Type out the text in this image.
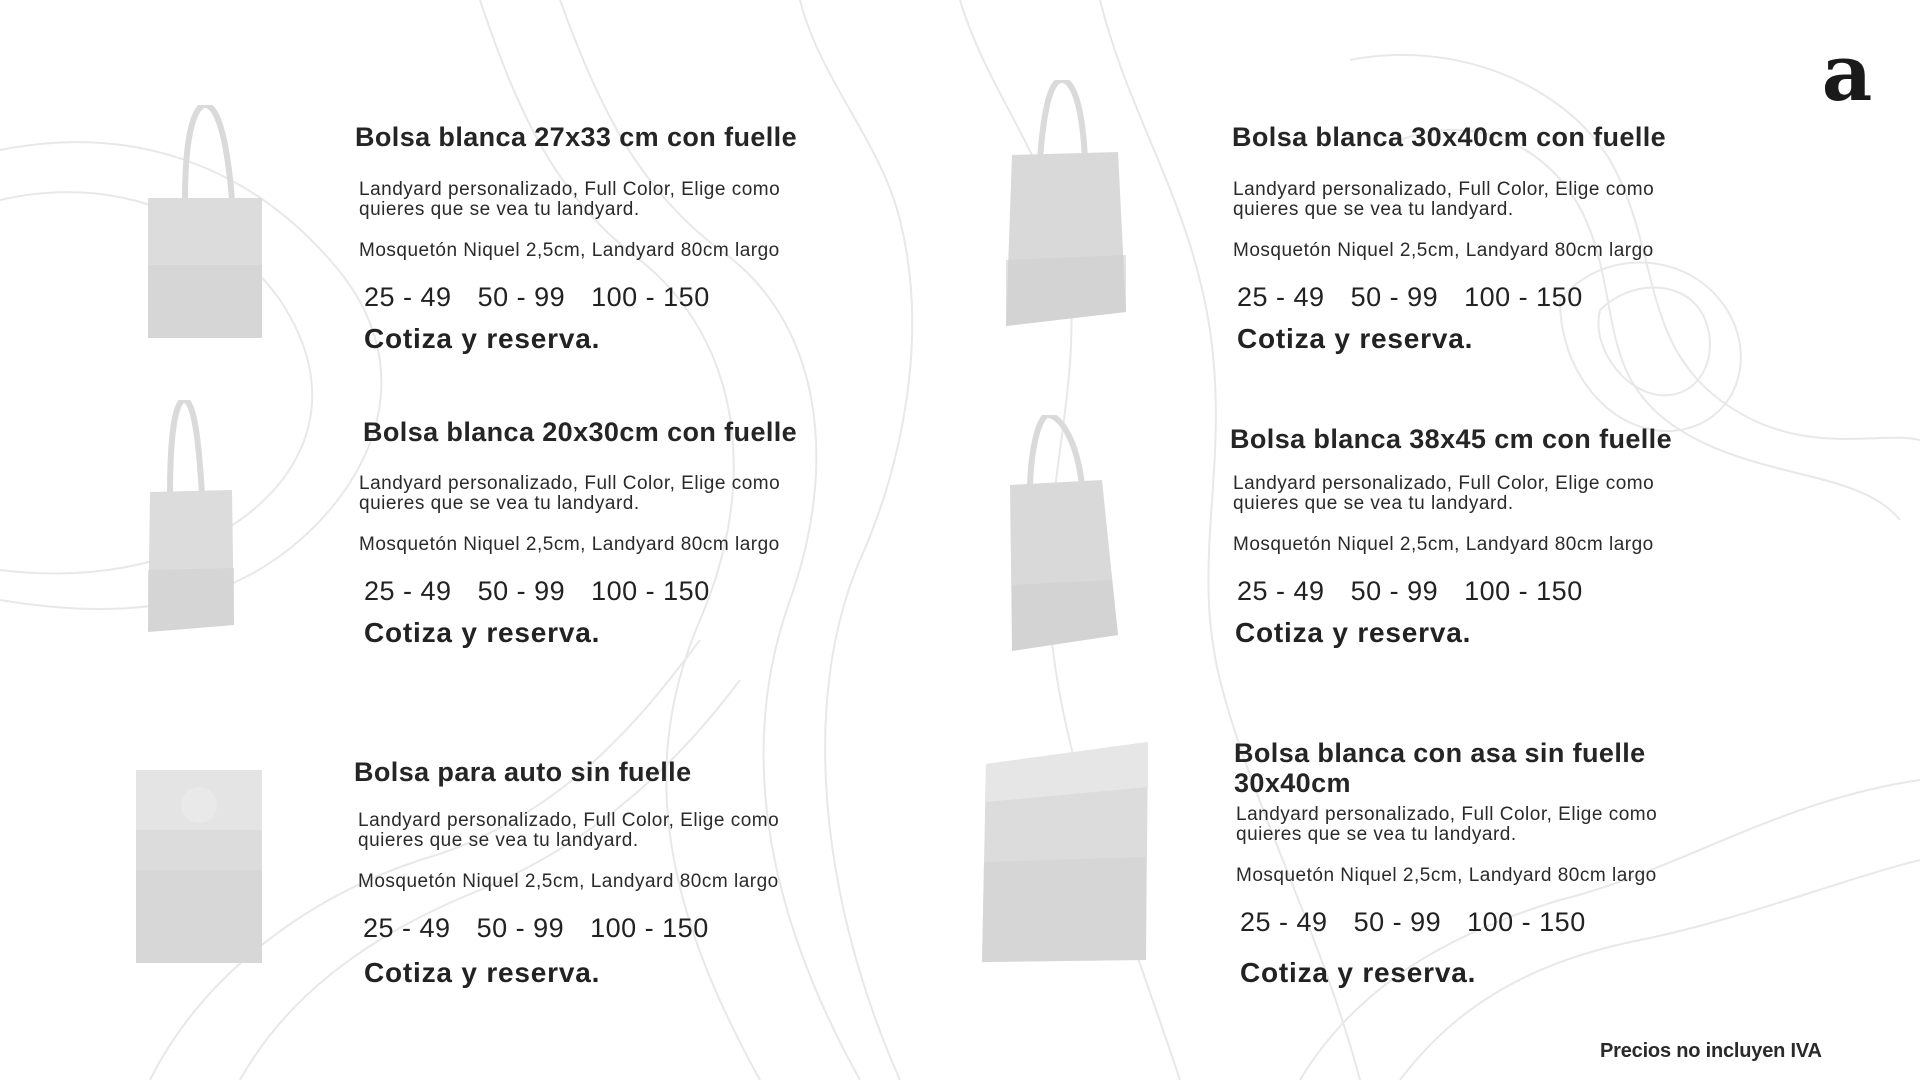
a
Bolsa blanca 27x33 cm con fuelle
Landyard personalizado, Full Color, Elige como quieres que se vea tu landyard.
Mosquetón Niquel 2,5cm, Landyard 80cm largo
25 - 49 50 - 99 100 - 150
Cotiza y reserva.
Bolsa blanca 30x40cm con fuelle
Landyard personalizado, Full Color, Elige como quieres que se vea tu landyard.
Mosquetón Niquel 2,5cm, Landyard 80cm largo
25 - 49 50 - 99 100 - 150
Cotiza y reserva.
Bolsa blanca 20x30cm con fuelle
Landyard personalizado, Full Color, Elige como quieres que se vea tu landyard.
Mosquetón Niquel 2,5cm, Landyard 80cm largo
25 - 49 50 - 99 100 - 150
Cotiza y reserva.
Bolsa blanca 38x45 cm con fuelle
Landyard personalizado, Full Color, Elige como quieres que se vea tu landyard.
Mosquetón Niquel 2,5cm, Landyard 80cm largo
25 - 49 50 - 99 100 - 150
Cotiza y reserva.
Bolsa para auto sin fuelle
Landyard personalizado, Full Color, Elige como quieres que se vea tu landyard.
Mosquetón Niquel 2,5cm, Landyard 80cm largo
25 - 49 50 - 99 100 - 150
Cotiza y reserva.
Bolsa blanca con asa sin fuelle
30x40cm
Landyard personalizado, Full Color, Elige como quieres que se vea tu landyard.
Mosquetón Niquel 2,5cm, Landyard 80cm largo
25 - 49 50 - 99 100 - 150
Cotiza y reserva.
Precios no incluyen IVA
